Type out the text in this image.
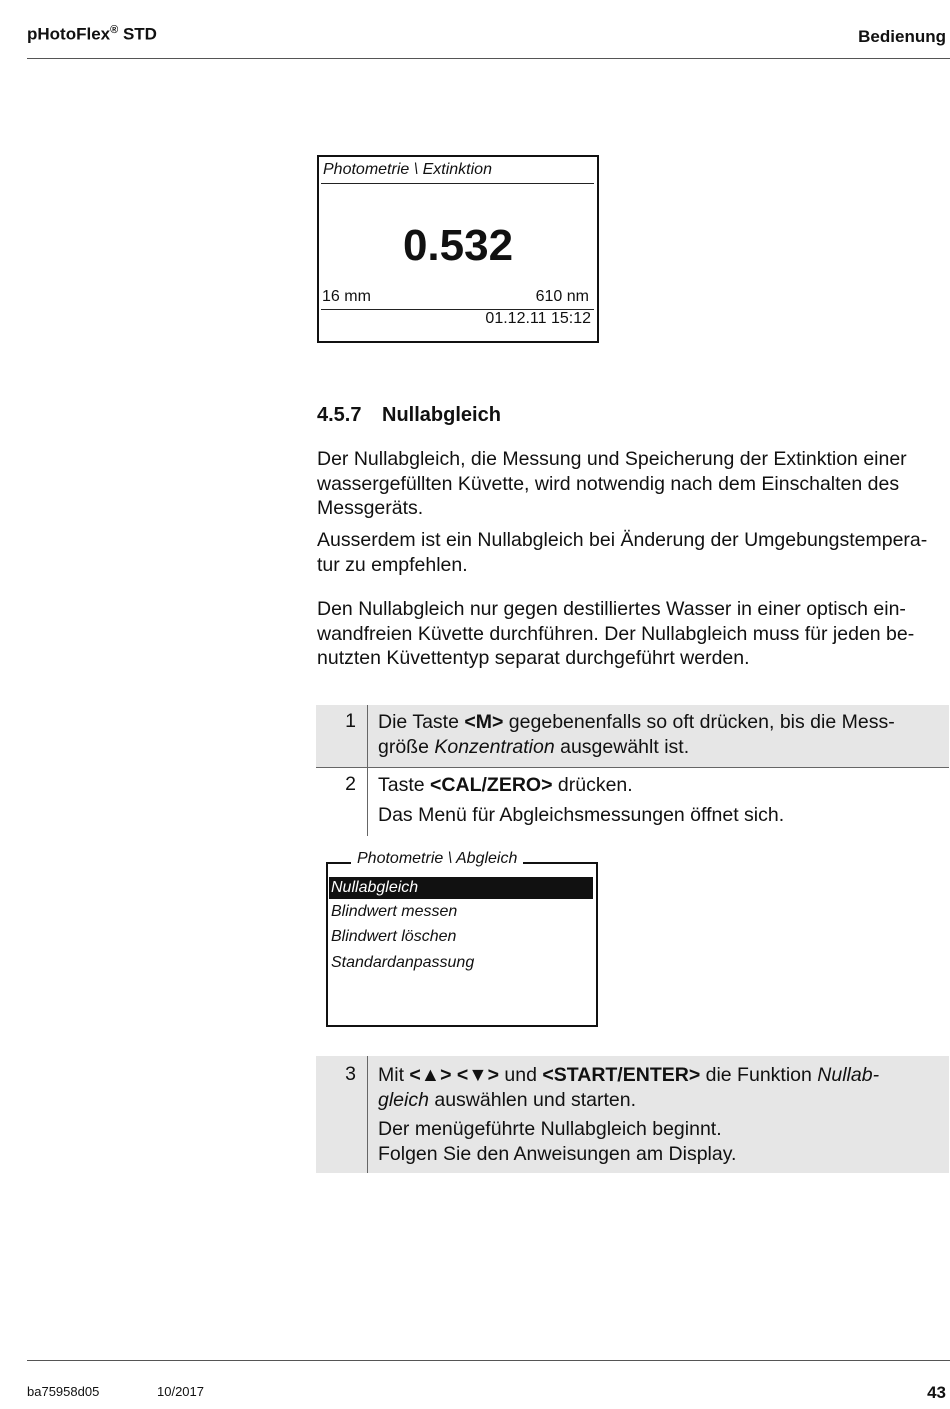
pHotoFlex® STD	Bedienung
Photometrie \ Extinktion
0.532
16 mm	610 nm
01.12.11 15:12
4.5.7 Nullabgleich
Der Nullabgleich, die Messung und Speicherung der Extinktion einer wassergefüllten Küvette, wird notwendig nach dem Einschalten des Messgeräts.
Ausserdem ist ein Nullabgleich bei Änderung der Umgebungstempera-
tur zu empfehlen.
Den Nullabgleich nur gegen destilliertes Wasser in einer optisch ein-
wandfreien Küvette durchführen. Der Nullabgleich muss für jeden be-
nutzten Küvettentyp separat durchgeführt werden.
1 Die Taste <M> gegebenenfalls so oft drücken, bis die Mess-
größe Konzentration ausgewählt ist.
2 Taste <CAL/ZERO> drücken.
Das Menü für Abgleichsmessungen öffnet sich.
Photometrie \ Abgleich
Nullabgleich
Blindwert messen
Blindwert löschen
Standardanpassung
3 Mit <▲> <▼> und <START/ENTER> die Funktion Nullab-
gleich auswählen und starten.
Der menügeführte Nullabgleich beginnt.
Folgen Sie den Anweisungen am Display.
ba75958d05	10/2017	43
